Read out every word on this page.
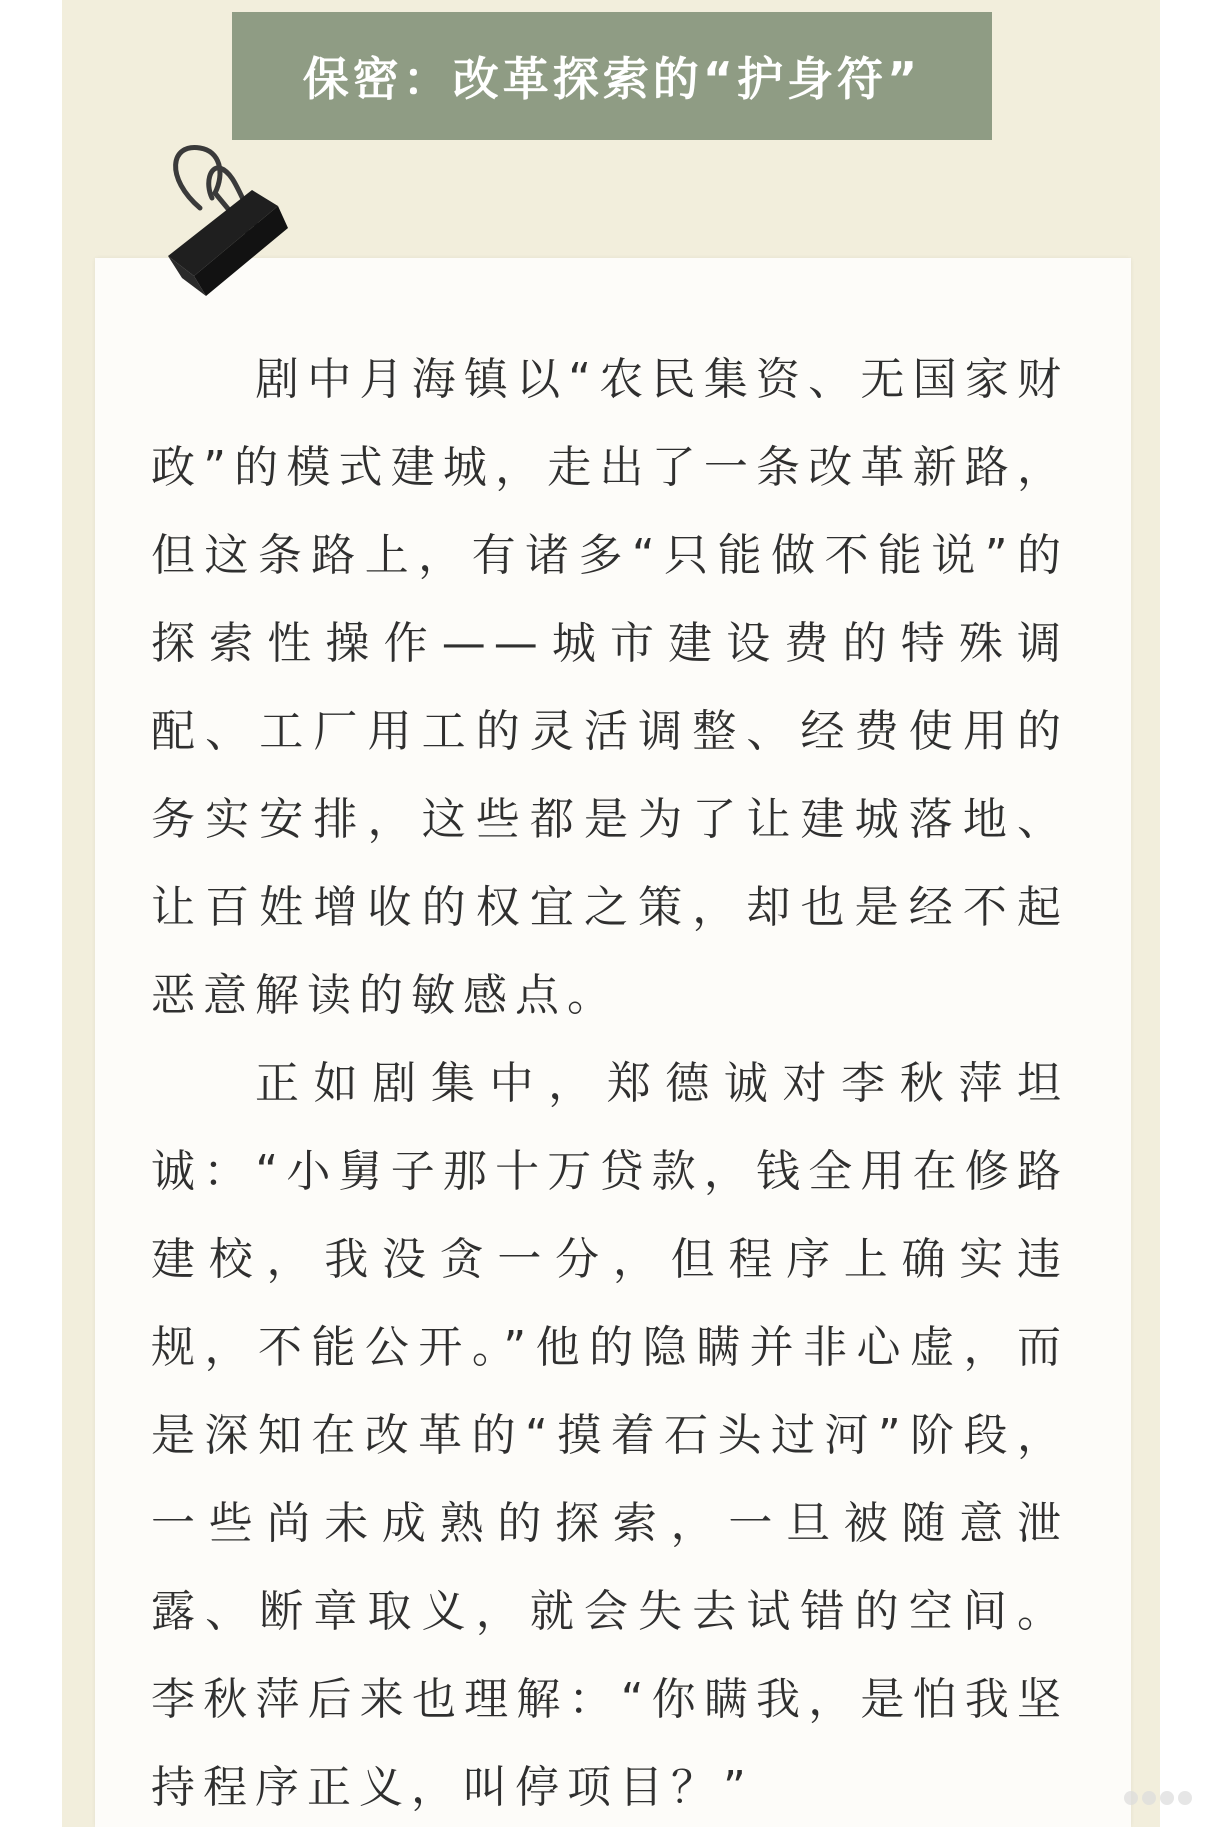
保密：改革探索的“护身符”

剧中月海镇以“农民集资、无国家财政”的模式建城，走出了一条改革新路，但这条路上，有诸多“只能做不能说”的探索性操作——城市建设费的特殊调配、工厂用工的灵活调整、经费使用的务实安排，这些都是为了让建城落地、让百姓增收的权宜之策，却也是经不起恶意解读的敏感点。

正如剧集中，郑德诚对李秋萍坦诚：“小舅子那十万贷款，钱全用在修路建校，我没贪一分，但程序上确实违规，不能公开。”他的隐瞒并非心虚，而是深知在改革的“摸着石头过河”阶段，一些尚未成熟的探索，一旦被随意泄露、断章取义，就会失去试错的空间。李秋萍后来也理解：“你瞒我，是怕我坚持程序正义，叫停项目？”
